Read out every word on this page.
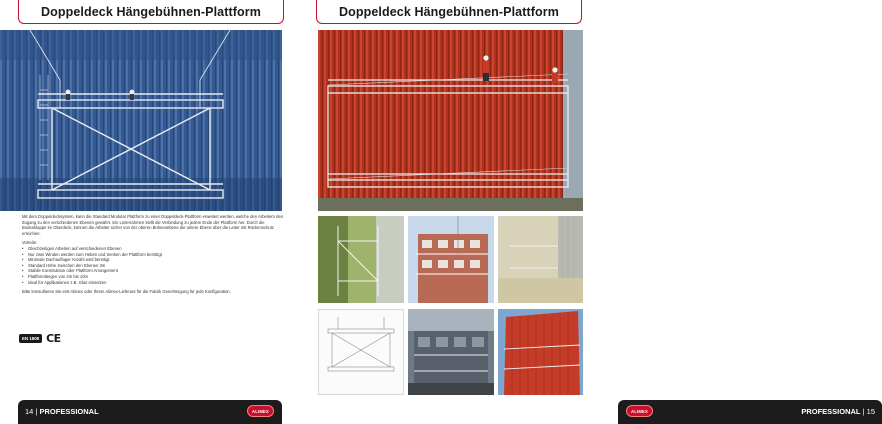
Doppeldeck Hängebühnen-Plattform

Mit dem Doppeldecksystem, kann die Standard Modular Plattform zu einer Doppeldeck-Plattform erweitert werden, welche den Arbeitern den Zugang zu den verschiedenen Ebenen gewährt. Ein Leiterrahmen stellt die Verbindung zu jedem Ende der Plattform her. Durch die Bodenklappe im Oberdeck, können die Arbeiter sicher von der oberen Bühnenebene die untere Ebene über die Leiter mit Rückenschutz erreichen.

Vorteile:

• Gleichzeitiges Arbeiten auf verschiedenen Ebenen
• Nur zwei Winden werden zum Heben und Senken der Plattform benötigt
• Minimale Dachauflager Anzahl wird benötigt
• Standard Höhe zwischen den Ebenen 3m
• Stabile Konstruktion oder Plattform Arrangement
• Plattformlängen von 2m bis 10m
• Ideal für Applikationen z.B. Glas einsetzen

Bitte konsultieren Sie erst Alimex oder Ihrem Alimex-Lieferant für die Fabrik Genehmigung für jede Konfiguration.

EN 1808 CE
14 | PROFESSIONAL	ALIMEX
Doppeldeck Hängebühnen-Plattform
ALIMEX	PROFESSIONAL | 15
